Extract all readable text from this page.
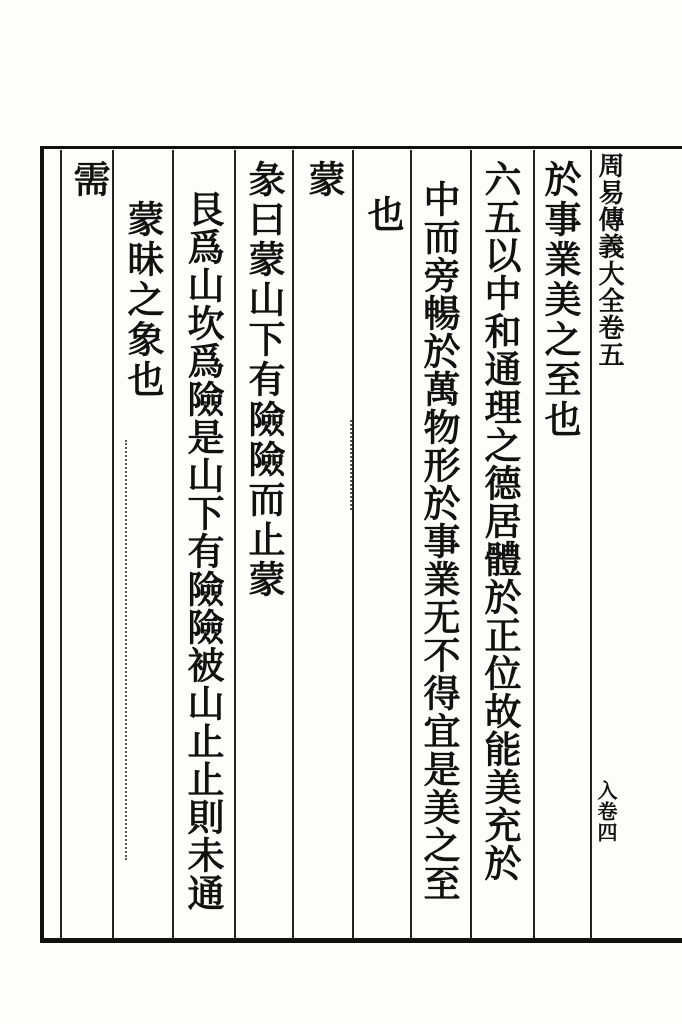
周易傳義大全卷五
於事業美之至也
六五以中和通理之德居體於正位故能美充於
中而旁暢於萬物形於事業无不得宜是美之至
也
蒙
彖曰蒙山下有險險而止蒙
艮爲山坎爲險是山下有險險被山止止則未通
蒙昧之象也
需
入卷四
